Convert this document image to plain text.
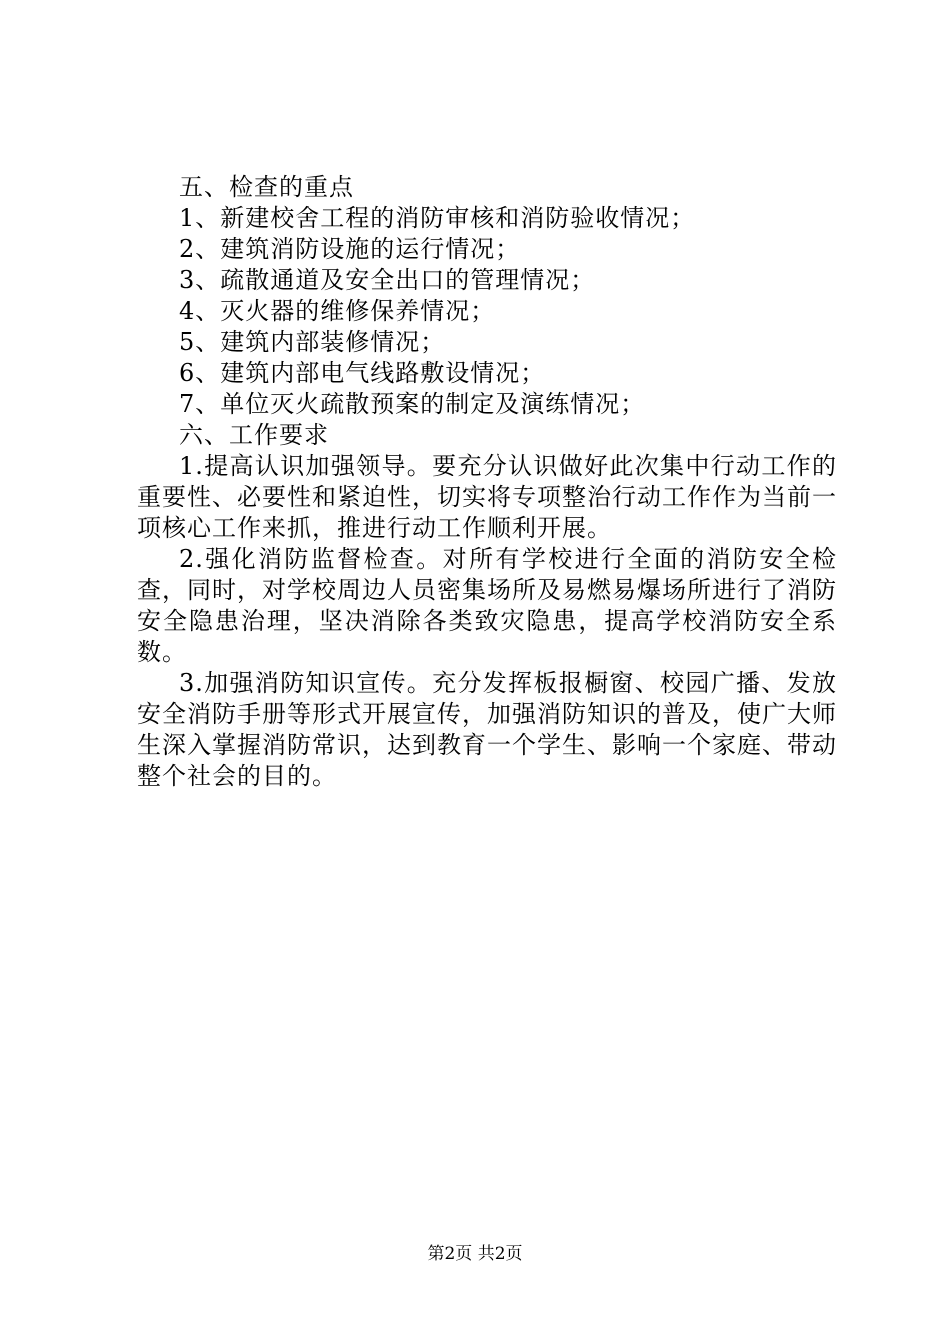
五、检查的重点
1、新建校舍工程的消防审核和消防验收情况；
2、建筑消防设施的运行情况；
3、疏散通道及安全出口的管理情况；
4、灭火器的维修保养情况；
5、建筑内部装修情况；
6、建筑内部电气线路敷设情况；
7、单位灭火疏散预案的制定及演练情况；
六、工作要求
1.提高认识加强领导。要充分认识做好此次集中行动工作的重要性、必要性和紧迫性，切实将专项整治行动工作作为当前一项核心工作来抓，推进行动工作顺利开展。
2.强化消防监督检查。对所有学校进行全面的消防安全检查，同时，对学校周边人员密集场所及易燃易爆场所进行了消防安全隐患治理，坚决消除各类致灾隐患，提高学校消防安全系数。
3.加强消防知识宣传。充分发挥板报橱窗、校园广播、发放安全消防手册等形式开展宣传，加强消防知识的普及，使广大师生深入掌握消防常识，达到教育一个学生、影响一个家庭、带动整个社会的目的。
第2页 共2页
